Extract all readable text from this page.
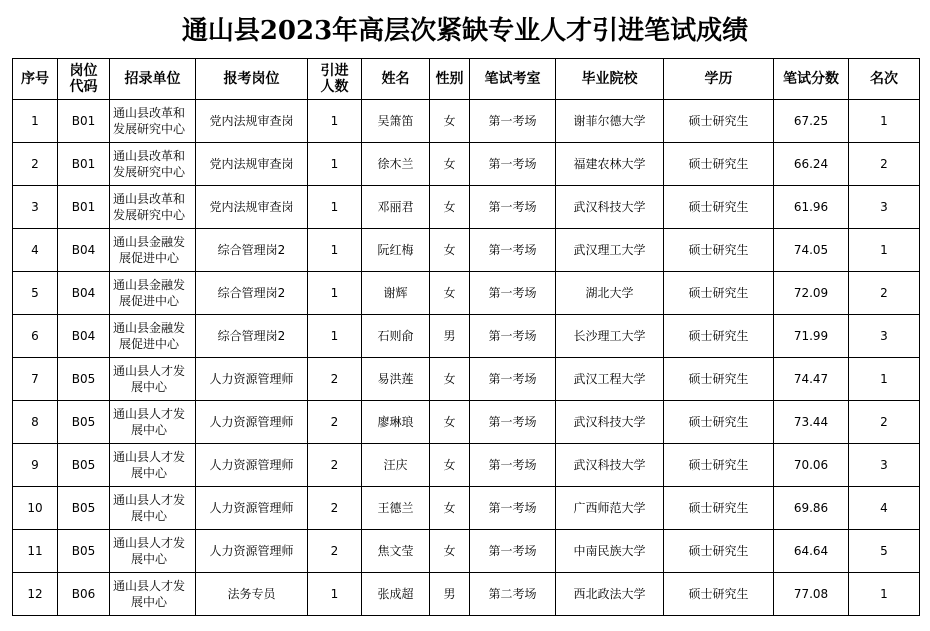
通山县2023年高层次紧缺专业人才引进笔试成绩
序号	岗位代码	招录单位	报考岗位	引进人数	姓名	性别	笔试考室	毕业院校	学历	笔试分数	名次
1	B01	通山县改革和发展研究中心	党内法规审查岗	1	吴箫笛	女	第一考场	谢菲尔德大学	硕士研究生	67.25	1
2	B01	通山县改革和发展研究中心	党内法规审查岗	1	徐木兰	女	第一考场	福建农林大学	硕士研究生	66.24	2
3	B01	通山县改革和发展研究中心	党内法规审查岗	1	邓丽君	女	第一考场	武汉科技大学	硕士研究生	61.96	3
4	B04	通山县金融发展促进中心	综合管理岗2	1	阮红梅	女	第一考场	武汉理工大学	硕士研究生	74.05	1
5	B04	通山县金融发展促进中心	综合管理岗2	1	谢辉	女	第一考场	湖北大学	硕士研究生	72.09	2
6	B04	通山县金融发展促进中心	综合管理岗2	1	石则俞	男	第一考场	长沙理工大学	硕士研究生	71.99	3
7	B05	通山县人才发展中心	人力资源管理师	2	易洪莲	女	第一考场	武汉工程大学	硕士研究生	74.47	1
8	B05	通山县人才发展中心	人力资源管理师	2	廖琳琅	女	第一考场	武汉科技大学	硕士研究生	73.44	2
9	B05	通山县人才发展中心	人力资源管理师	2	汪庆	女	第一考场	武汉科技大学	硕士研究生	70.06	3
10	B05	通山县人才发展中心	人力资源管理师	2	王德兰	女	第一考场	广西师范大学	硕士研究生	69.86	4
11	B05	通山县人才发展中心	人力资源管理师	2	焦文莹	女	第一考场	中南民族大学	硕士研究生	64.64	5
12	B06	通山县人才发展中心	法务专员	1	张成超	男	第二考场	西北政法大学	硕士研究生	77.08	1
